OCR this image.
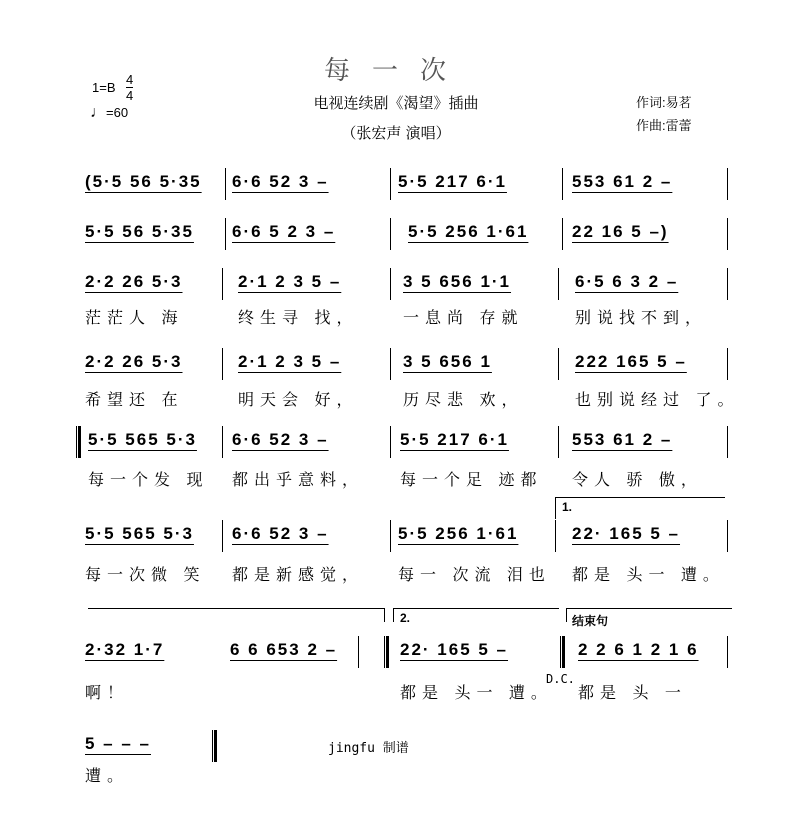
每一次
电视连续剧《渴望》插曲
（张宏声 演唱）
作词:易茗
作曲:雷蕾
$1=B \frac{4}{4}$
♩=60
(5·5 56 5·35 6·6 52 3 –	5·5 217 6·1	553 61 2 –
5·5 56 5·35 6·6 5 2 3 –	5·5 256 1·61	22 16 5 –)
2·2 26 5·3
茫茫人 海
2·1 2 3 5 –
终生寻 找，
3 5 656 1·1
一息尚 存就
6·5 6 3 2 –
别说找不到，
2·2 26 5·3
希望还 在
2·1 2 3 5 –
明天会 好，
3 5 656 1
历尽悲 欢，
222 165 5 –
也别说经过 了。
5·5 565 5·3
每一个发 现
6·6 52 3 –
都出乎意料，
5·5 217 6·1
每一个足 迹都
553 61 2 –
令人 骄 傲，
5·5 565 5·3
每一次微 笑
6·6 52 3 –
都是新感觉，
5·5 256 1·61
每一 次流 泪也
22· 165 5 –
都是 头一 遭。
2·32 1·7
啊！
6 6 653 2 –	22· 165 5 –
都是 头一 遭。
2 2 6 1 2 1 6
都是 头 一
5 – – –
遭。
1.
2.	结束句
D.C.
jingfu 制谱
